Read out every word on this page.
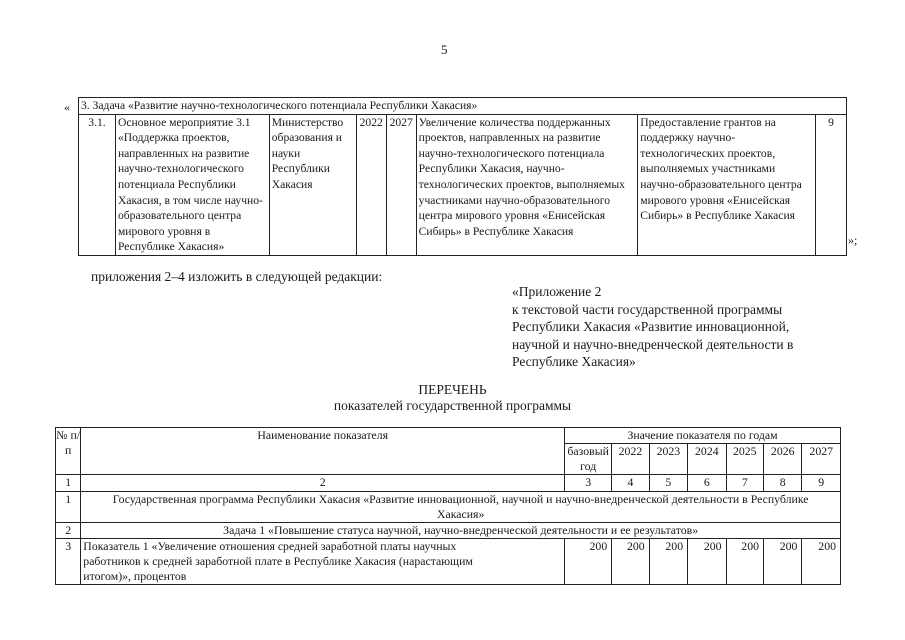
5
« 3. Задача «Развитие научно-технологического потенциала Республики Хакасия»
3.1.	Основное мероприятие 3.1 «Поддержка проектов, направленных на развитие научно-технологического потенциала Республики Хакасия, в том числе научно-образовательного центра мирового уровня в Республике Хакасия»	Министерство образования и науки Республики Хакасия	2022	2027	Увеличение количества поддержанных проектов, направленных на развитие научно-технологического потенциала Республики Хакасия, научно-технологических проектов, выполняемых участниками научно-образовательного центра мирового уровня «Енисейская Сибирь» в Республике Хакасия	Предоставление грантов на поддержку научно-технологических проектов, выполняемых участниками научно-образовательного центра мирового уровня «Енисейская Сибирь» в Республике Хакасия	9
»;
приложения 2–4 изложить в следующей редакции:
«Приложение 2
к текстовой части государственной программы
Республики Хакасия «Развитие инновационной,
научной и научно-внедренческой деятельности в
Республике Хакасия»
ПЕРЕЧЕНЬ
показателей государственной программы
№ п/п	Наименование показателя	Значение показателя по годам						
		базовый год	2022	2023	2024	2025	2026	2027
1	2	3	4	5	6	7	8	9
1	Государственная программа Республики Хакасия «Развитие инновационной, научной и научно-внедренческой деятельности в Республике Хакасия»							
2	Задача 1 «Повышение статуса научной, научно-внедренческой деятельности и ее результатов»							
3	Показатель 1 «Увеличение отношения средней заработной платы научных работников к средней заработной плате в Республике Хакасия (нарастающим итогом)», процентов	200	200	200	200	200	200	200
